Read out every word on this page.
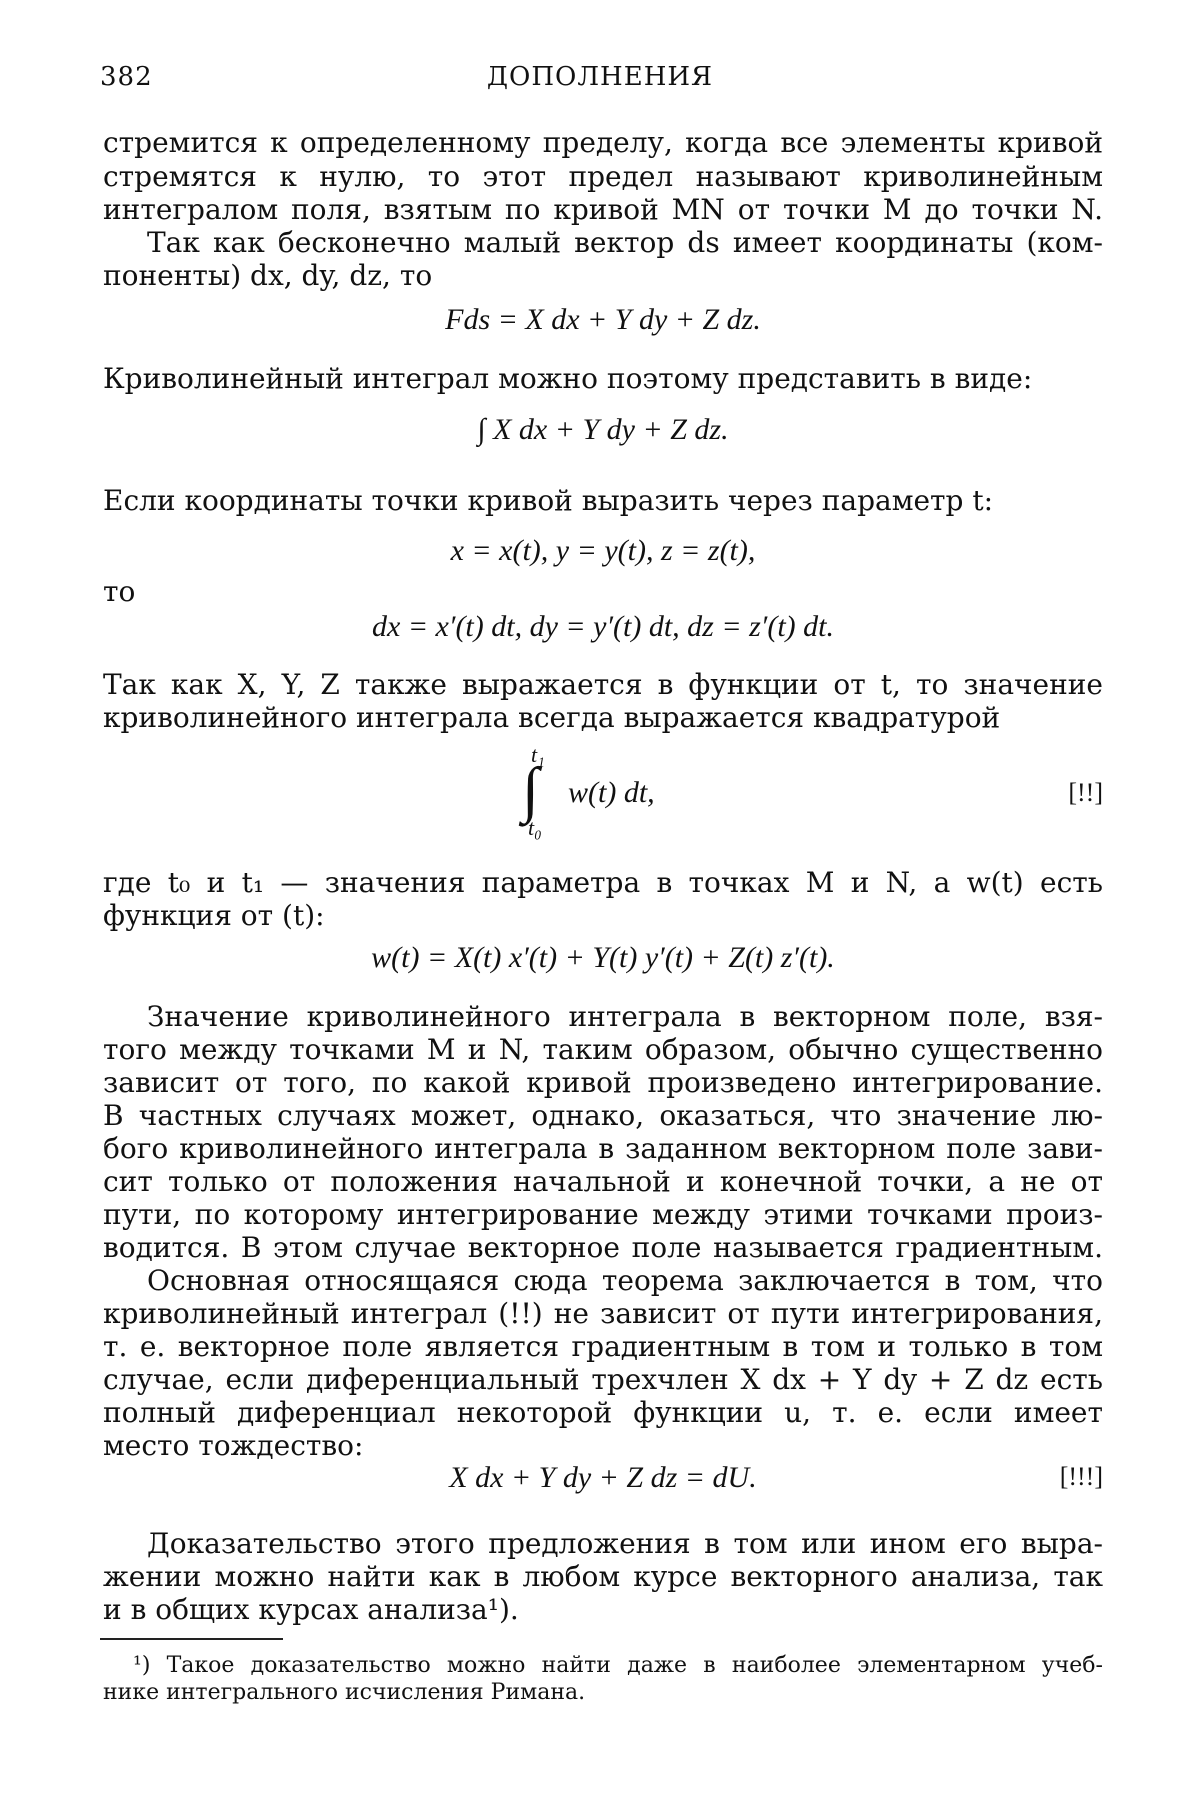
382	ДОПОЛНЕНИЯ
стремится к определенному пределу, когда все элементы кривой
стремятся к нулю, то этот предел называют криволинейным
интегралом поля, взятым по кривой MN от точки M до точки N.
Так как бесконечно малый вектор ds имеет координаты (ком-
поненты) dx, dy, dz, то
Fds = X dx + Y dy + Z dz.
Криволинейный интеграл можно поэтому представить в виде:
∫ X dx + Y dy + Z dz.
Если координаты точки кривой выразить через параметр t:
x = x(t), y = y(t), z = z(t),
то
dx = x′(t) dt, dy = y′(t) dt, dz = z′(t) dt.
Так как X, Y, Z также выражается в функции от t, то значение
криволинейного интеграла всегда выражается квадратурой
t₁
∫
t₀
w(t) dt,	[!!]
где t₀ и t₁ — значения параметра в точках M и N, а w(t) есть
функция от (t):
w(t) = X(t) x′(t) + Y(t) y′(t) + Z(t) z′(t).
Значение криволинейного интеграла в векторном поле, взя-
того между точками M и N, таким образом, обычно существенно
зависит от того, по какой кривой произведено интегрирование.
В частных случаях может, однако, оказаться, что значение лю-
бого криволинейного интеграла в заданном векторном поле зави-
сит только от положения начальной и конечной точки, а не от
пути, по которому интегрирование между этими точками произ-
водится. В этом случае векторное поле называется градиентным.
Основная относящаяся сюда теорема заключается в том, что
криволинейный интеграл (!!) не зависит от пути интегрирования,
т. е. векторное поле является градиентным в том и только в том
случае, если диференциальный трехчлен X dx + Y dy + Z dz есть
полный диференциал некоторой функции u, т. е. если имеет
место тождество:
X dx + Y dy + Z dz = dU.	[!!!]
Доказательство этого предложения в том или ином его выра-
жении можно найти как в любом курсе векторного анализа, так
и в общих курсах анализа¹).
¹) Такое доказательство можно найти даже в наиболее элементарном учеб-
нике интегрального исчисления Римана.
